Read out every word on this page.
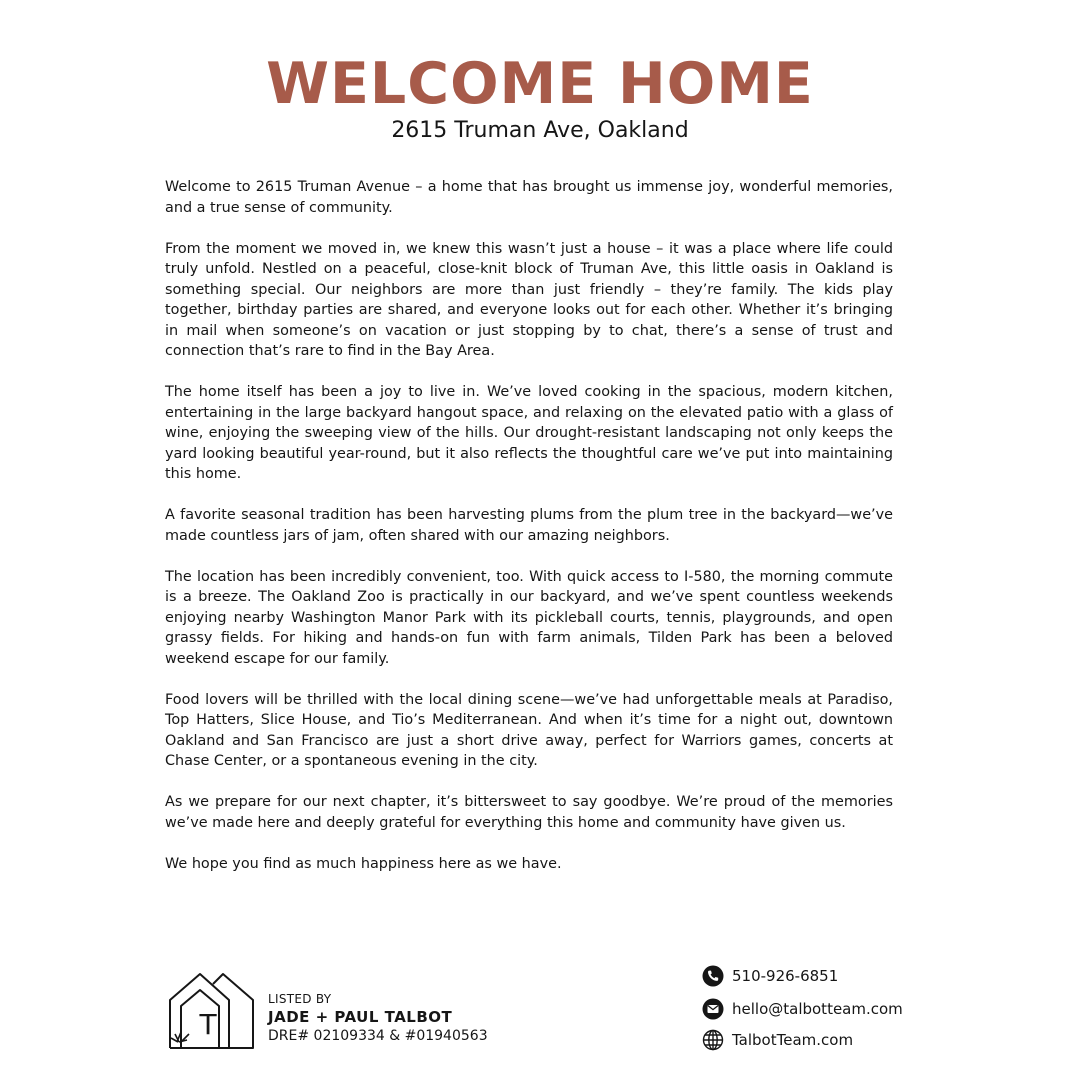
WELCOME HOME
2615 Truman Ave, Oakland

Welcome to 2615 Truman Avenue – a home that has brought us immense joy, wonderful memories, and a true sense of community.

From the moment we moved in, we knew this wasn’t just a house – it was a place where life could truly unfold. Nestled on a peaceful, close-knit block of Truman Ave, this little oasis in Oakland is something special. Our neighbors are more than just friendly – they’re family. The kids play together, birthday parties are shared, and everyone looks out for each other. Whether it’s bringing in mail when someone’s on vacation or just stopping by to chat, there’s a sense of trust and connection that’s rare to find in the Bay Area.

The home itself has been a joy to live in. We’ve loved cooking in the spacious, modern kitchen, entertaining in the large backyard hangout space, and relaxing on the elevated patio with a glass of wine, enjoying the sweeping view of the hills. Our drought-resistant landscaping not only keeps the yard looking beautiful year-round, but it also reflects the thoughtful care we’ve put into maintaining this home.

A favorite seasonal tradition has been harvesting plums from the plum tree in the backyard—we’ve made countless jars of jam, often shared with our amazing neighbors.

The location has been incredibly convenient, too. With quick access to I-580, the morning commute is a breeze. The Oakland Zoo is practically in our backyard, and we’ve spent countless weekends enjoying nearby Washington Manor Park with its pickleball courts, tennis, playgrounds, and open grassy fields. For hiking and hands-on fun with farm animals, Tilden Park has been a beloved weekend escape for our family.

Food lovers will be thrilled with the local dining scene—we’ve had unforgettable meals at Paradiso, Top Hatters, Slice House, and Tio’s Mediterranean. And when it’s time for a night out, downtown Oakland and San Francisco are just a short drive away, perfect for Warriors games, concerts at Chase Center, or a spontaneous evening in the city.

As we prepare for our next chapter, it’s bittersweet to say goodbye. We’re proud of the memories we’ve made here and deeply grateful for everything this home and community have given us.

We hope you find as much happiness here as we have.

T
LISTED BY
JADE + PAUL TALBOT
DRE# 02109334 & #01940563
510-926-6851
hello@talbotteam.com
TalbotTeam.com
